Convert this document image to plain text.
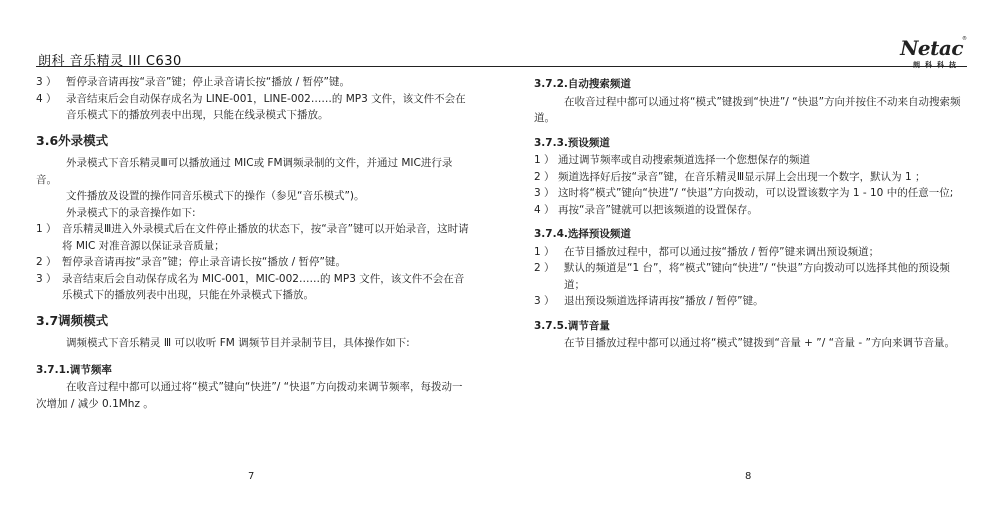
朗科 音乐精灵 III C630
3 ） 暂停录音请再按“录音”键；停止录音请长按“播放 / 暂停”键。
4 ） 录音结束后会自动保存成名为 LINE-001，LINE-002……的 MP3 文件，该文件不会在音乐模式下的播放列表中出现，只能在线录模式下播放。
3.6外录模式

外录模式下音乐精灵Ⅲ可以播放通过 MIC或 FM调频录制的文件，并通过 MIC进行录音。

文件播放及设置的操作同音乐模式下的操作（参见“音乐模式”)。

外录模式下的录音操作如下:

1 ） 音乐精灵Ⅲ进入外录模式后在文件停止播放的状态下，按“录音”键可以开始录音，这时请将 MIC 对准音源以保证录音质量；
2 ） 暂停录音请再按“录音”键；停止录音请长按“播放 / 暂停”键。
3 ） 录音结束后会自动保存成名为 MIC-001，MIC-002……的 MP3 文件，该文件不会在音乐模式下的播放列表中出现，只能在外录模式下播放。
3.7调频模式

调频模式下音乐精灵 Ⅲ 可以收听 FM 调频节目并录制节目，具体操作如下:

3.7.1.调节频率

在收音过程中都可以通过将“模式”键向“快进”/ “快退”方向拨动来调节频率，每拨动一次增加 / 减少 0.1Mhz 。

7
Netac ®
朗科科技
3.7.2.自动搜索频道

在收音过程中都可以通过将“模式”键拨到“快进”/ “快退”方向并按住不动来自动搜索频道。

3.7.3.预设频道
1 ） 通过调节频率或自动搜索频道选择一个您想保存的频道
2 ） 频道选择好后按“录音”键，在音乐精灵Ⅲ显示屏上会出现一个数字，默认为 1 ；
3 ） 这时将“模式”键向“快进”/ “快退”方向拨动，可以设置该数字为 1 - 10 中的任意一位;
4 ） 再按“录音”键就可以把该频道的设置保存。
3.7.4.选择预设频道
1 ） 在节目播放过程中，都可以通过按“播放 / 暂停”键来调出预设频道；
2 ） 默认的频道是“1 台”，将“模式”键向“快进”/ “快退”方向拨动可以选择其他的预设频道；
3 ） 退出预设频道选择请再按“播放 / 暂停”键。
3.7.5.调节音量

在节目播放过程中都可以通过将“模式”键拨到“音量 + ”/ “音量 - ”方向来调节音量。

8
